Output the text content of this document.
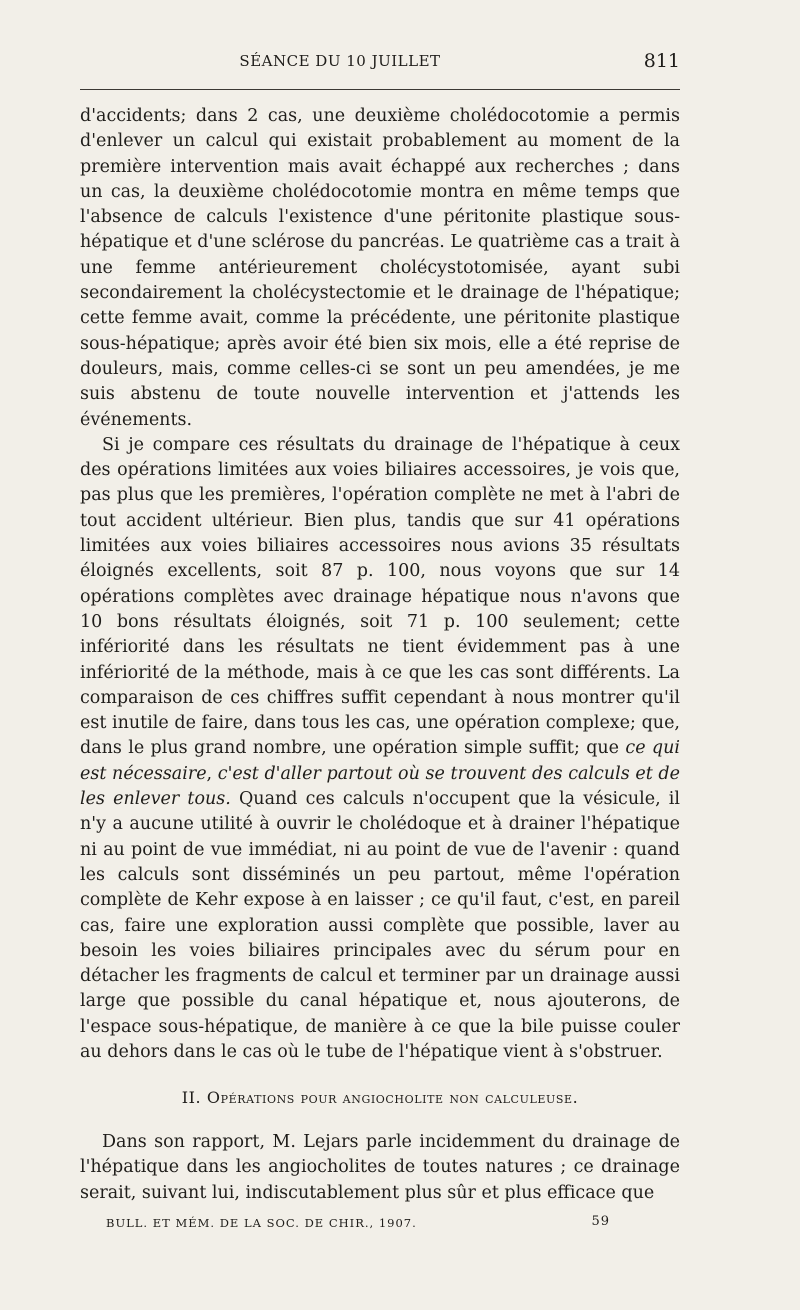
SÉANCE DU 10 JUILLET	811

d'accidents; dans 2 cas, une deuxième cholédocotomie a permis d'enlever un calcul qui existait probablement au moment de la première intervention mais avait échappé aux recherches ; dans un cas, la deuxième cholédocotomie montra en même temps que l'absence de calculs l'existence d'une péritonite plastique sous-hépatique et d'une sclérose du pancréas. Le quatrième cas a trait à une femme antérieurement cholécystotomisée, ayant subi secondairement la cholécystectomie et le drainage de l'hépatique; cette femme avait, comme la précédente, une péritonite plastique sous-hépatique; après avoir été bien six mois, elle a été reprise de douleurs, mais, comme celles-ci se sont un peu amendées, je me suis abstenu de toute nouvelle intervention et j'attends les événements.

Si je compare ces résultats du drainage de l'hépatique à ceux des opérations limitées aux voies biliaires accessoires, je vois que, pas plus que les premières, l'opération complète ne met à l'abri de tout accident ultérieur. Bien plus, tandis que sur 41 opérations limitées aux voies biliaires accessoires nous avions 35 résultats éloignés excellents, soit 87 p. 100, nous voyons que sur 14 opérations complètes avec drainage hépatique nous n'avons que 10 bons résultats éloignés, soit 71 p. 100 seulement; cette infériorité dans les résultats ne tient évidemment pas à une infériorité de la méthode, mais à ce que les cas sont différents. La comparaison de ces chiffres suffit cependant à nous montrer qu'il est inutile de faire, dans tous les cas, une opération complexe; que, dans le plus grand nombre, une opération simple suffit; que ce qui est nécessaire, c'est d'aller partout où se trouvent des calculs et de les enlever tous. Quand ces calculs n'occupent que la vésicule, il n'y a aucune utilité à ouvrir le cholédoque et à drainer l'hépatique ni au point de vue immédiat, ni au point de vue de l'avenir : quand les calculs sont disséminés un peu partout, même l'opération complète de Kehr expose à en laisser ; ce qu'il faut, c'est, en pareil cas, faire une exploration aussi complète que possible, laver au besoin les voies biliaires principales avec du sérum pour en détacher les fragments de calcul et terminer par un drainage aussi large que possible du canal hépatique et, nous ajouterons, de l'espace sous-hépatique, de manière à ce que la bile puisse couler au dehors dans le cas où le tube de l'hépatique vient à s'obstruer.

II. Opérations pour angiocholite non calculeuse.

Dans son rapport, M. Lejars parle incidemment du drainage de l'hépatique dans les angiocholites de toutes natures ; ce drainage serait, suivant lui, indiscutablement plus sûr et plus efficace que

BULL. ET MÉM. DE LA SOC. DE CHIR., 1907.	59
